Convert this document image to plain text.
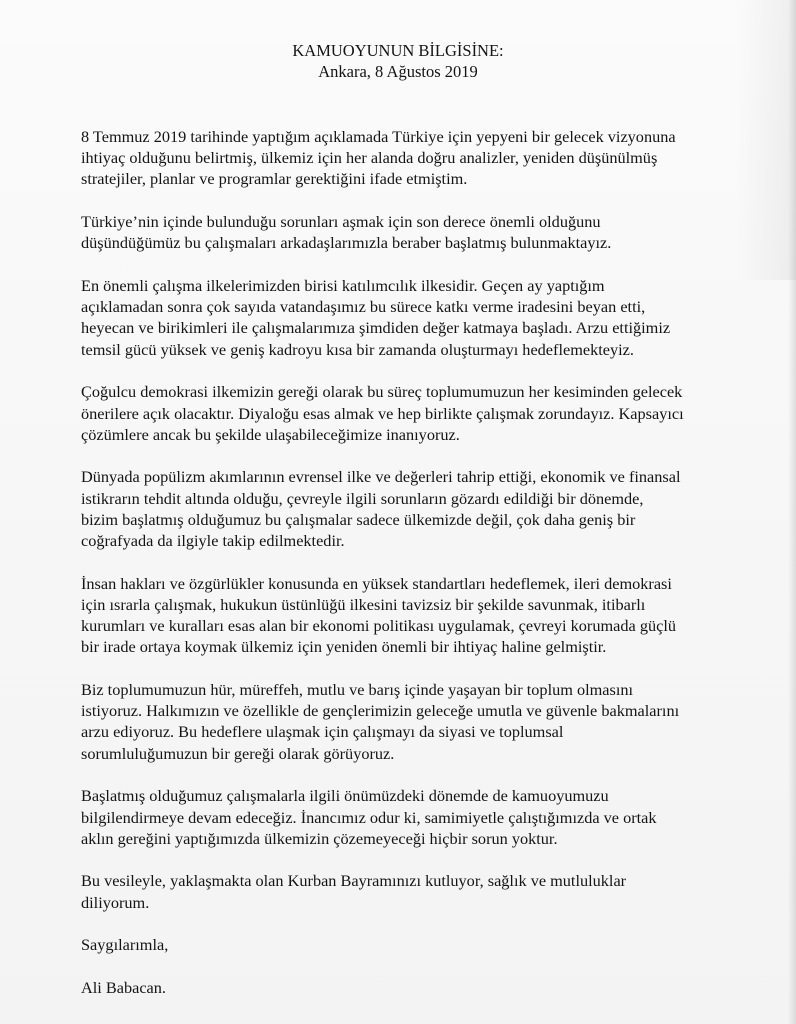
KAMUOYUNUN BİLGİSİNE:
Ankara, 8 Ağustos 2019

8 Temmuz 2019 tarihinde yaptığım açıklamada Türkiye için yepyeni bir gelecek vizyonuna
ihtiyaç olduğunu belirtmiş, ülkemiz için her alanda doğru analizler, yeniden düşünülmüş
stratejiler, planlar ve programlar gerektiğini ifade etmiştim.

Türkiye’nin içinde bulunduğu sorunları aşmak için son derece önemli olduğunu
düşündüğümüz bu çalışmaları arkadaşlarımızla beraber başlatmış bulunmaktayız.

En önemli çalışma ilkelerimizden birisi katılımcılık ilkesidir. Geçen ay yaptığım
açıklamadan sonra çok sayıda vatandaşımız bu sürece katkı verme iradesini beyan etti,
heyecan ve birikimleri ile çalışmalarımıza şimdiden değer katmaya başladı. Arzu ettiğimiz
temsil gücü yüksek ve geniş kadroyu kısa bir zamanda oluşturmayı hedeflemekteyiz.

Çoğulcu demokrasi ilkemizin gereği olarak bu süreç toplumumuzun her kesiminden gelecek
önerilere açık olacaktır. Diyaloğu esas almak ve hep birlikte çalışmak zorundayız. Kapsayıcı
çözümlere ancak bu şekilde ulaşabileceğimize inanıyoruz.

Dünyada popülizm akımlarının evrensel ilke ve değerleri tahrip ettiği, ekonomik ve finansal
istikrarın tehdit altında olduğu, çevreyle ilgili sorunların gözardı edildiği bir dönemde,
bizim başlatmış olduğumuz bu çalışmalar sadece ülkemizde değil, çok daha geniş bir
coğrafyada da ilgiyle takip edilmektedir.

İnsan hakları ve özgürlükler konusunda en yüksek standartları hedeflemek, ileri demokrasi
için ısrarla çalışmak, hukukun üstünlüğü ilkesini tavizsiz bir şekilde savunmak, itibarlı
kurumları ve kuralları esas alan bir ekonomi politikası uygulamak, çevreyi korumada güçlü
bir irade ortaya koymak ülkemiz için yeniden önemli bir ihtiyaç haline gelmiştir.

Biz toplumumuzun hür, müreffeh, mutlu ve barış içinde yaşayan bir toplum olmasını
istiyoruz. Halkımızın ve özellikle de gençlerimizin geleceğe umutla ve güvenle bakmalarını
arzu ediyoruz. Bu hedeflere ulaşmak için çalışmayı da siyasi ve toplumsal
sorumluluğumuzun bir gereği olarak görüyoruz.

Başlatmış olduğumuz çalışmalarla ilgili önümüzdeki dönemde de kamuoyumuzu
bilgilendirmeye devam edeceğiz. İnancımız odur ki, samimiyetle çalıştığımızda ve ortak
aklın gereğini yaptığımızda ülkemizin çözemeyeceği hiçbir sorun yoktur.

Bu vesileyle, yaklaşmakta olan Kurban Bayramınızı kutluyor, sağlık ve mutluluklar
diliyorum.

Saygılarımla,
Ali Babacan.
